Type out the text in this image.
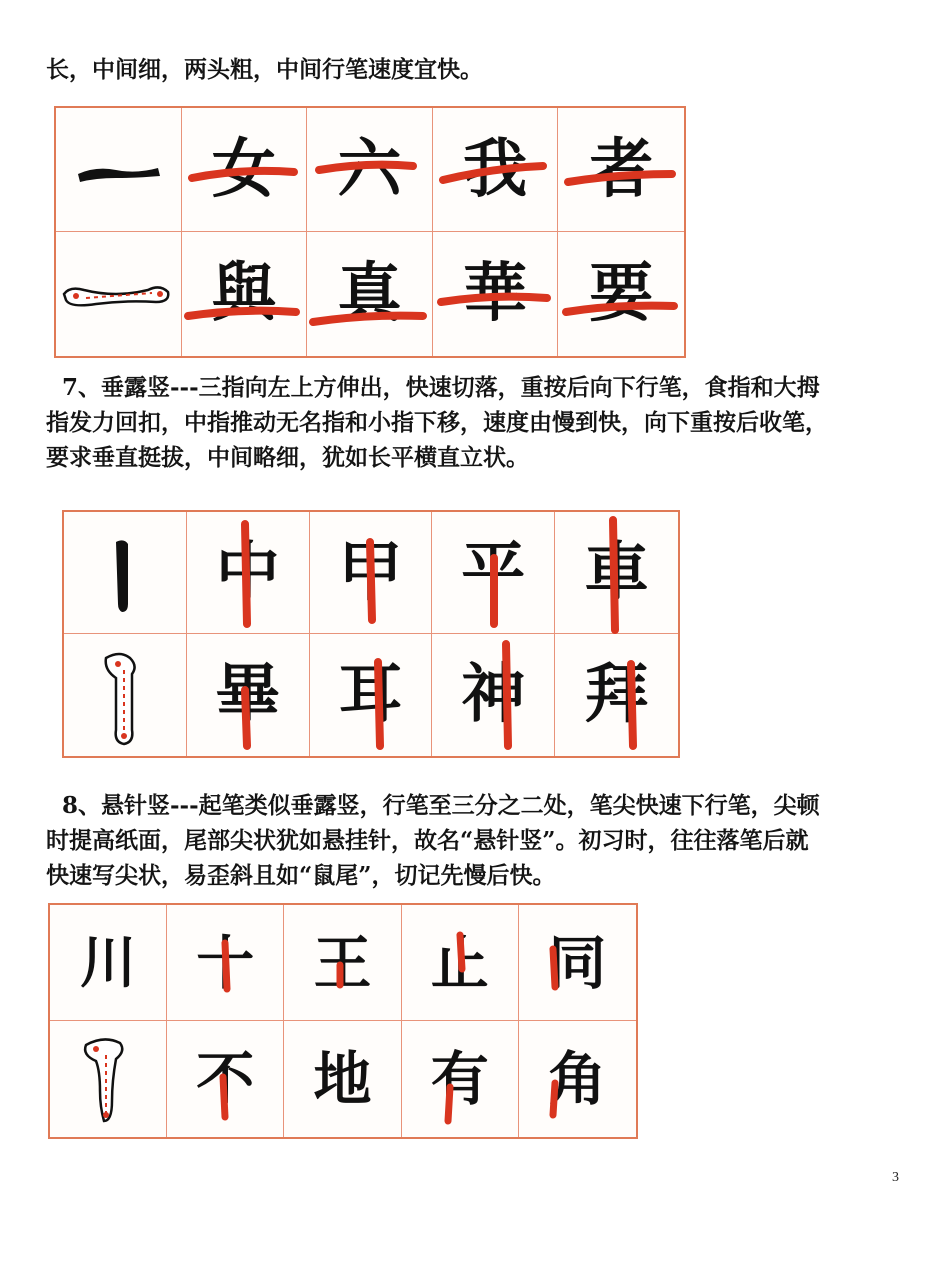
长，中间细，两头粗，中间行笔速度宜快。
女 六 我 者
與 真 華 要
7、垂露竖---三指向左上方伸出，快速切落，重按后向下行笔，食指和大拇
指发力回扣，中指推动无名指和小指下移，速度由慢到快，向下重按后收笔，
要求垂直挺拔，中间略细，犹如长平横直立状。
中 甲 平 車
畢 耳 神 拜
8、悬针竖---起笔类似垂露竖，行笔至三分之二处，笔尖快速下行笔，尖顿
时提高纸面，尾部尖状犹如悬挂针，故名“悬针竖”。初习时，往往落笔后就
快速写尖状，易歪斜且如“鼠尾”，切记先慢后快。
川 十 王 止 同
不 地 有 角
3
